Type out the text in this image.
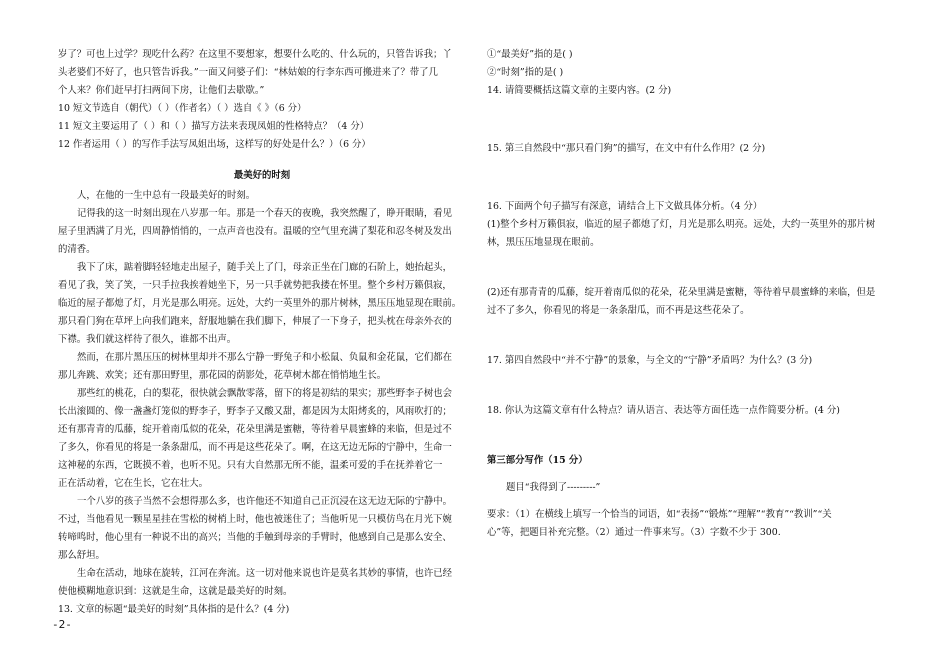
岁了？可也上过学？现吃什么药？在这里不要想家，想要什么吃的、什么玩的，只管告诉我；丫
头老婆们不好了，也只管告诉我。”一面又问婆子们：“林姑娘的行李东西可搬进来了？带了几
个人来？你们赶早打扫两间下房，让他们去歇歇。”
10 短文节选自（朝代）（ ）（作者名）（ ）选自《 》（6 分）
11 短文主要运用了（ ）和（ ）描写方法来表现凤姐的性格特点？（4 分）
12 作者运用（ ）的写作手法写凤姐出场，这样写的好处是什么？）（6 分）
最美好的时刻
人，在他的一生中总有一段最美好的时刻。
记得我的这一时刻出现在八岁那一年。那是一个春天的夜晚，我突然醒了，睁开眼睛，看见
屋子里洒满了月光，四周静悄悄的，一点声音也没有。温暖的空气里充满了梨花和忍冬树及发出
的清香。
我下了床，踮着脚轻轻地走出屋子，随手关上了门，母亲正坐在门廊的石阶上，她抬起头，
看见了我，笑了笑，一只手拉我挨着她坐下，另一只手就势把我搂在怀里。整个乡村万籁俱寂，
临近的屋子都熄了灯，月光是那么明亮。远处，大约一英里外的那片树林，黑压压地显现在眼前。
那只看门狗在草坪上向我们跑来，舒服地躺在我们脚下，伸展了一下身子，把头枕在母亲外衣的
下襟。我们就这样待了很久，谁都不出声。
然而，在那片黑压压的树林里却并不那么宁静一野兔子和小松鼠、负鼠和金花鼠，它们都在
那儿奔跳、欢笑；还有那田野里，那花园的荫影处，花草树木都在悄悄地生长。
那些红的桃花，白的梨花，很快就会飘散零落，留下的将是初结的果实；那些野李子树也会
长出滚圆的、像一盏盏灯笼似的野李子，野李子又酸又甜，都是因为太阳烤炙的，风雨吹打的；
还有那青青的瓜藤，绽开着南瓜似的花朵，花朵里满是蜜糖，等待着早晨蜜蜂的来临，但是过不
了多久，你看见的将是一条条甜瓜，而不再是这些花朵了。啊，在这无边无际的宁静中，生命一
这神秘的东西，它既摸不着，也听不见。只有大自然那无所不能，温柔可爱的手在抚养着它一
正在活动着，它在生长，它在壮大。
一个八岁的孩子当然不会想得那么多，也许他还不知道自己正沉浸在这无边无际的宁静中。
不过，当他看见一颗星星挂在雪松的树梢上时，他也被迷住了；当他听见一只模仿鸟在月光下婉
转啼鸣时，他心里有一种说不出的高兴；当他的手触到母亲的手臂时，他感到自己是那么安全、
那么舒坦。
生命在活动，地球在旋转，江河在奔流。这一切对他来说也许是莫名其妙的事情，也许已经
使他模糊地意识到：这就是生命，这就是最美好的时刻。
13. 文章的标题“最美好的时刻”具体指的是什么？(4 分)
①“最美好”指的是( )
②“时刻”指的是( )
14. 请简要概括这篇文章的主要内容。(2 分)
15. 第三自然段中“那只看门狗”的描写，在文中有什么作用？(2 分)
16. 下面两个句子描写有深意，请结合上下文做具体分析。（4 分）
(1)整个乡村万籁俱寂，临近的屋子都熄了灯，月光是那么明亮。远处，大约一英里外的那片树
林，黑压压地显现在眼前。
(2)还有那青青的瓜藤，绽开着南瓜似的花朵，花朵里满是蜜糖，等待着早晨蜜蜂的来临，但是
过不了多久，你看见的将是一条条甜瓜，而不再是这些花朵了。
17. 第四自然段中“并不宁静”的景象，与全文的“宁静”矛盾吗？为什么？(3 分)
18. 你认为这篇文章有什么特点？请从语言、表达等方面任选一点作简要分析。(4 分)
第三部分写作（15 分）
题目“我得到了---------”
要求：（1）在横线上填写一个恰当的词语，如“表扬”“锻炼”“理解”“教育”“教训”“关
心”等，把题目补充完整。（2）通过一件事来写。（3）字数不少于 300.
-2-
